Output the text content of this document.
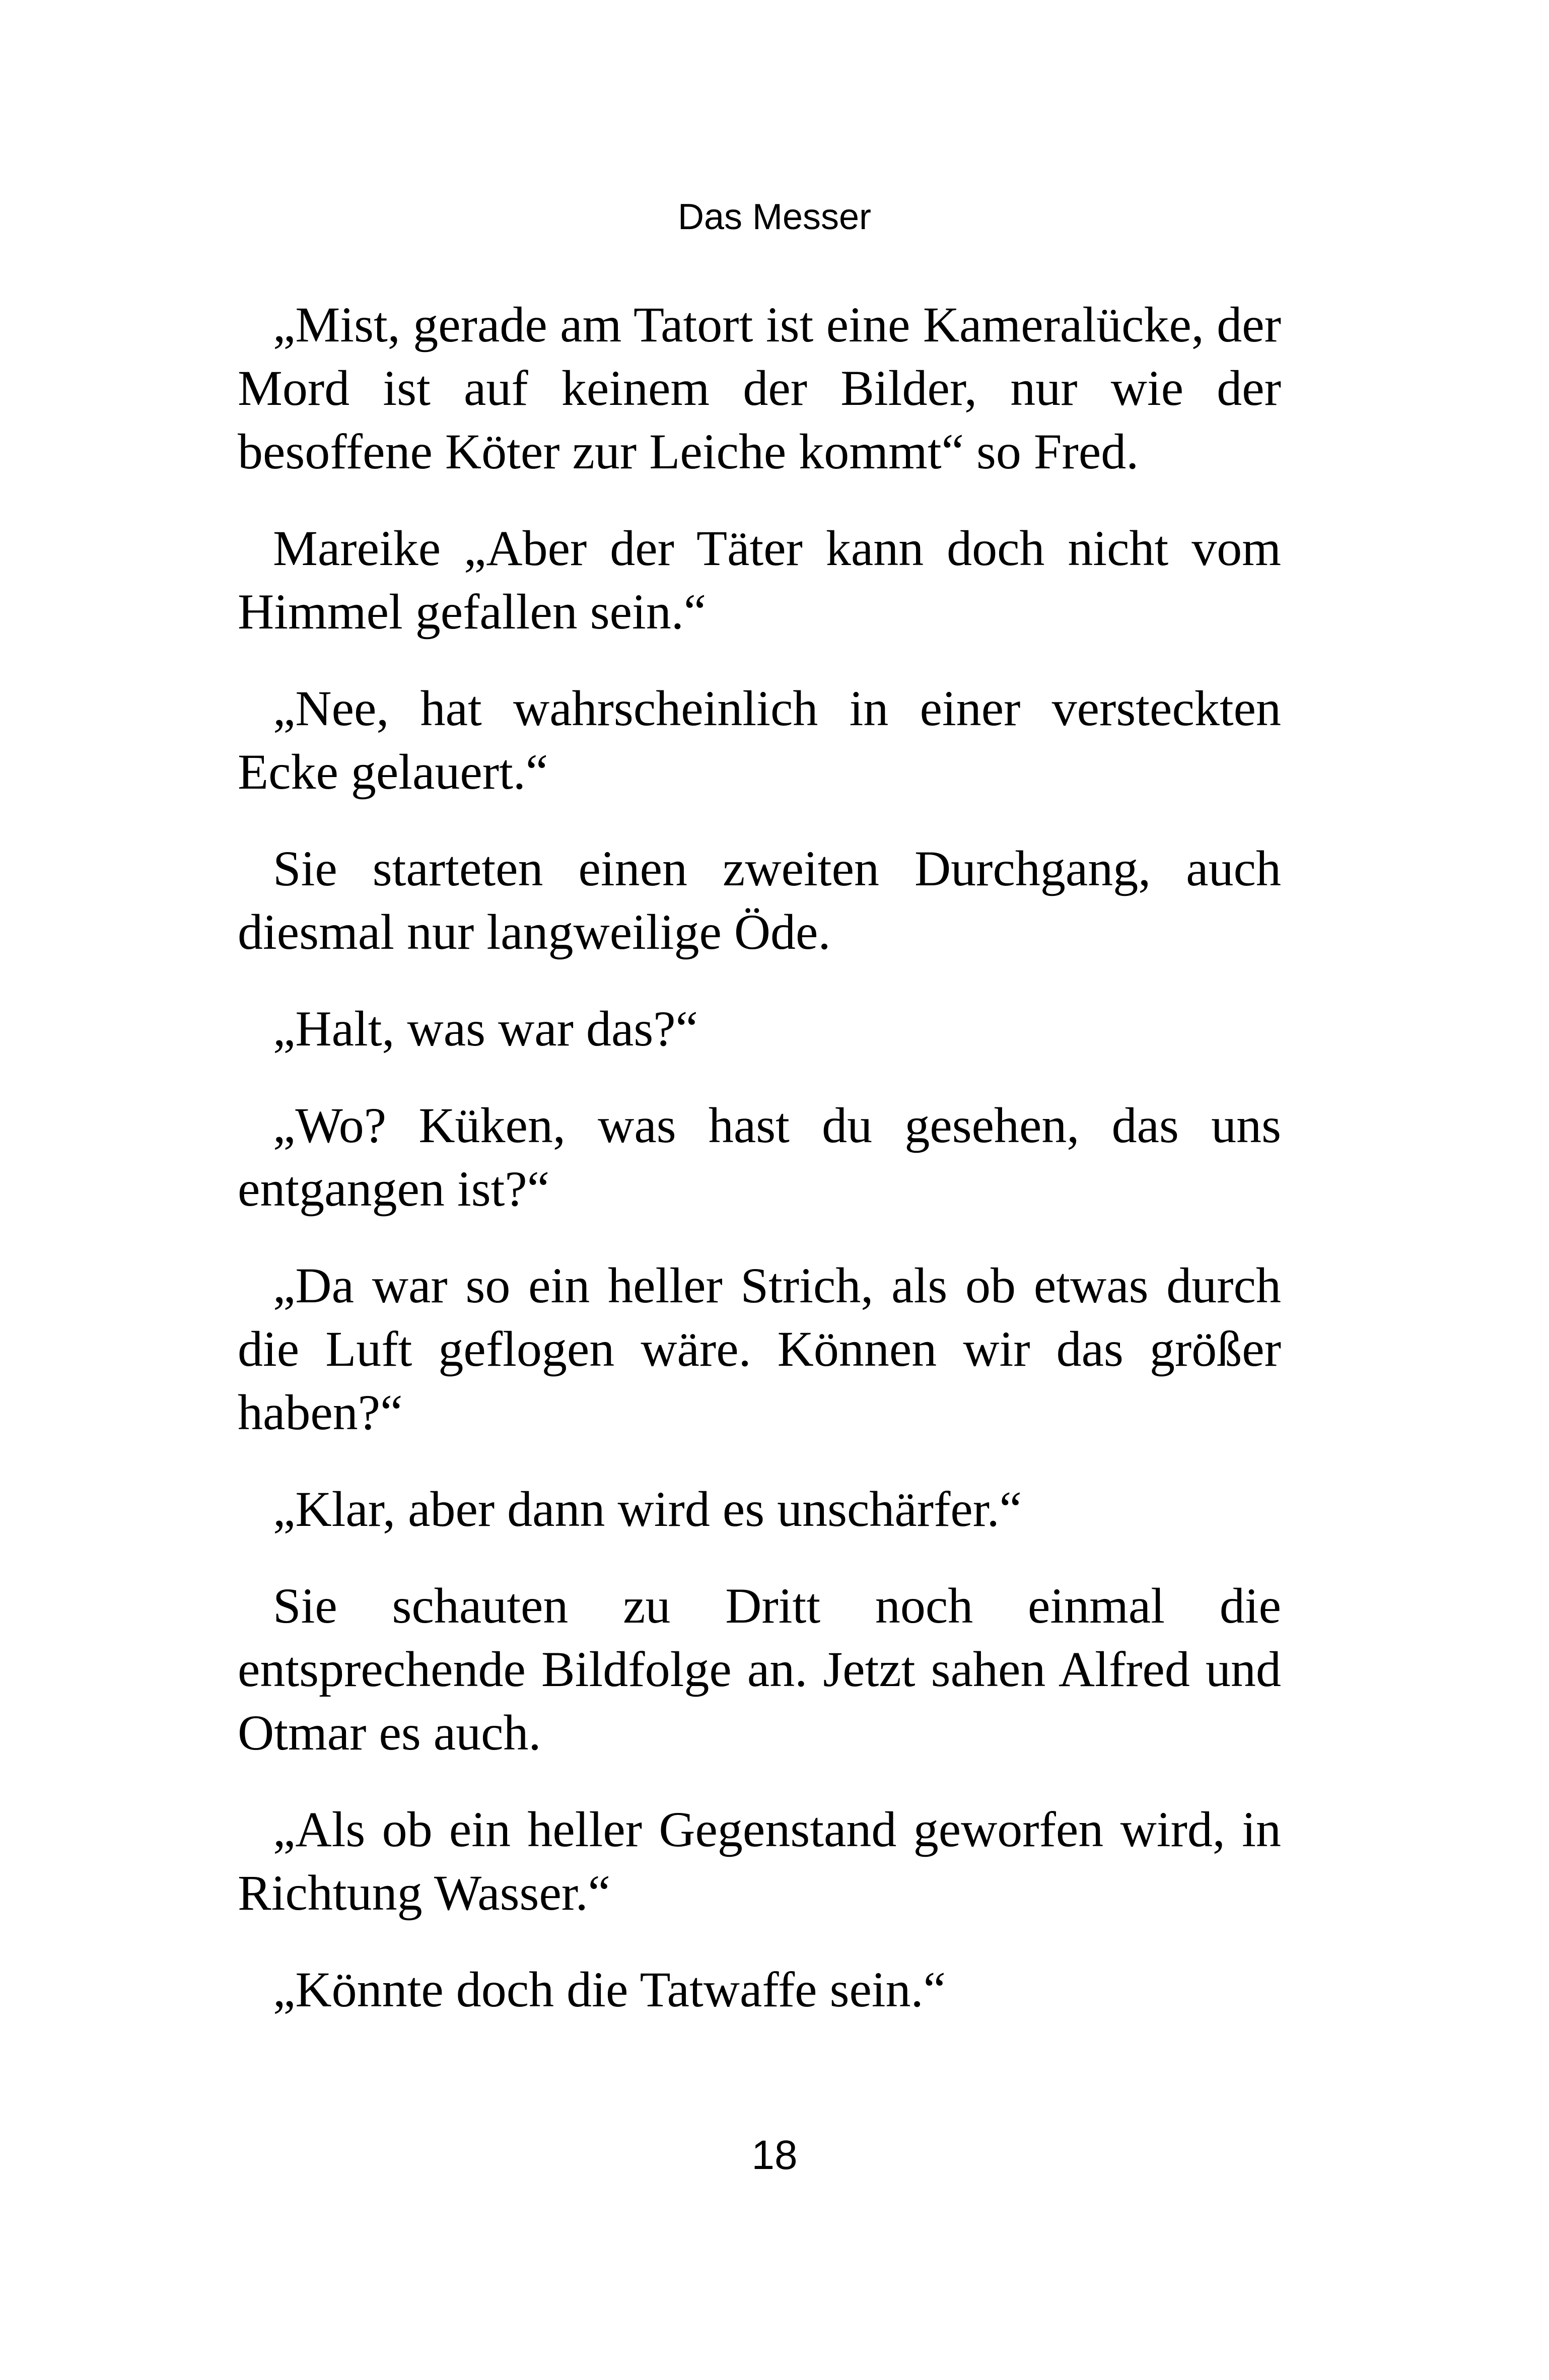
Das Messer

„Mist, gerade am Tatort ist eine Kameralücke, der Mord ist auf keinem der Bilder, nur wie der besoffene Köter zur Leiche kommt“ so Fred.

Mareike „Aber der Täter kann doch nicht vom Himmel gefallen sein.“

„Nee, hat wahrscheinlich in einer versteckten Ecke gelauert.“

Sie starteten einen zweiten Durchgang, auch diesmal nur langweilige Öde.

„Halt, was war das?“

„Wo? Küken, was hast du gesehen, das uns entgangen ist?“

„Da war so ein heller Strich, als ob etwas durch die Luft geflogen wäre. Können wir das größer haben?“

„Klar, aber dann wird es unschärfer.“

Sie schauten zu Dritt noch einmal die entsprechende Bildfolge an. Jetzt sahen Alfred und Otmar es auch.

„Als ob ein heller Gegenstand geworfen wird, in Richtung Wasser.“

„Könnte doch die Tatwaffe sein.“

18
